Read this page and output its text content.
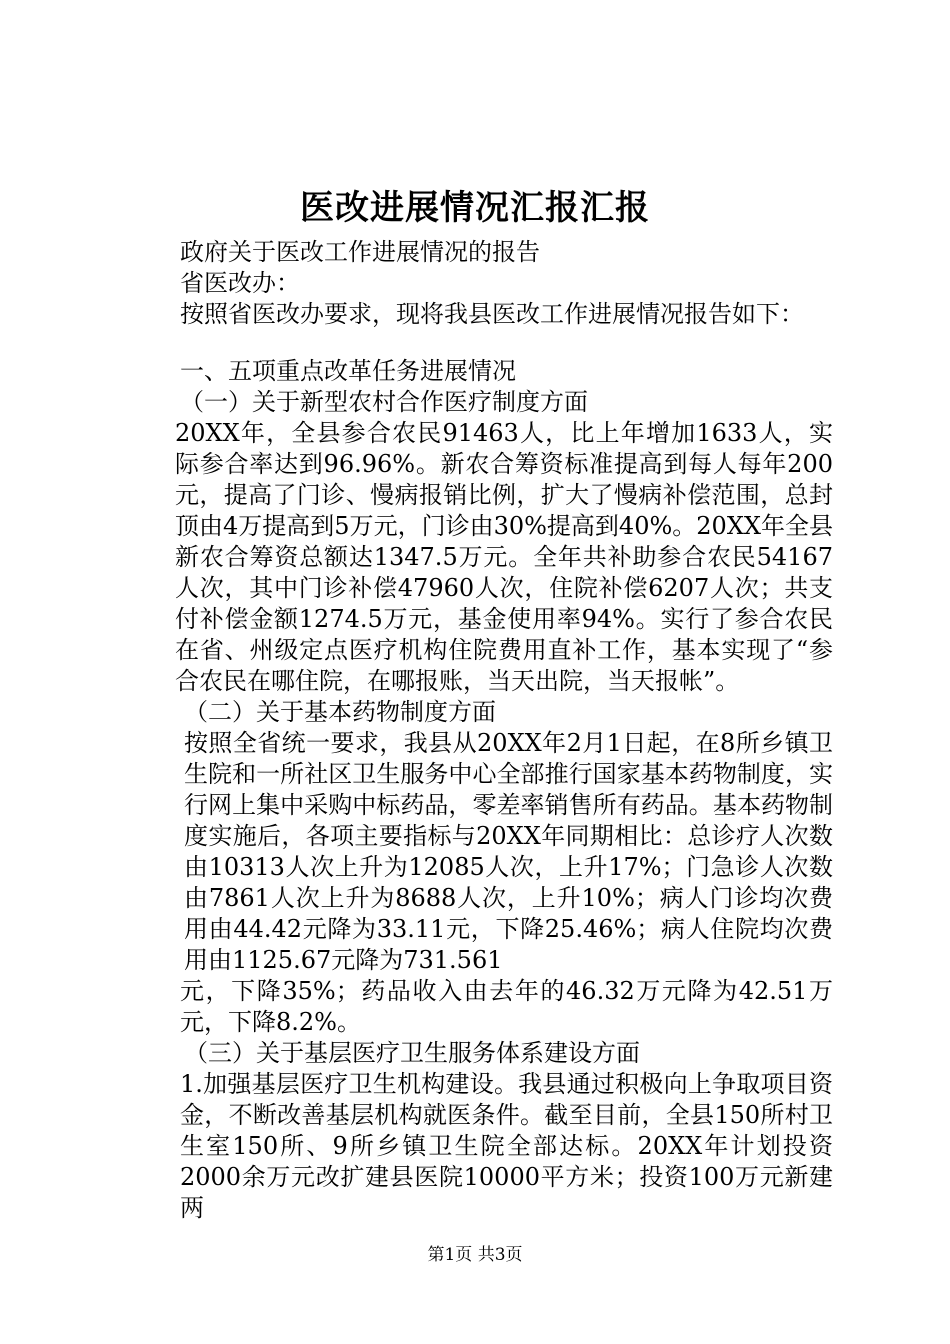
医改进展情况汇报汇报

政府关于医改工作进展情况的报告

省医改办：

按照省医改办要求，现将我县医改工作进展情况报告如下：

一、五项重点改革任务进展情况

（一）关于新型农村合作医疗制度方面

20XX年，全县参合农民91463人，比上年增加1633人，实际参合率达到96.96%。新农合筹资标准提高到每人每年200元，提高了门诊、慢病报销比例，扩大了慢病补偿范围，总封顶由4万提高到5万元，门诊由30%提高到40%。20XX年全县新农合筹资总额达1347.5万元。全年共补助参合农民54167人次，其中门诊补偿47960人次，住院补偿6207人次；共支付补偿金额1274.5万元，基金使用率94%。实行了参合农民在省、州级定点医疗机构住院费用直补工作，基本实现了“参合农民在哪住院，在哪报账，当天出院，当天报帐”。

（二）关于基本药物制度方面

按照全省统一要求，我县从20XX年2月1日起，在8所乡镇卫生院和一所社区卫生服务中心全部推行国家基本药物制度，实行网上集中采购中标药品，零差率销售所有药品。基本药物制度实施后，各项主要指标与20XX年同期相比：总诊疗人次数由10313人次上升为12085人次，上升17%；门急诊人次数由7861人次上升为8688人次，上升10%；病人门诊均次费用由44.42元降为33.11元，下降25.46%；病人住院均次费用由1125.67元降为731.561

元，下降35%；药品收入由去年的46.32万元降为42.51万元，下降8.2%。

（三）关于基层医疗卫生服务体系建设方面

1.加强基层医疗卫生机构建设。我县通过积极向上争取项目资金，不断改善基层机构就医条件。截至目前，全县150所村卫生室150所、9所乡镇卫生院全部达标。20XX年计划投资2000余万元改扩建县医院10000平方米；投资100万元新建两

第1页 共3页
